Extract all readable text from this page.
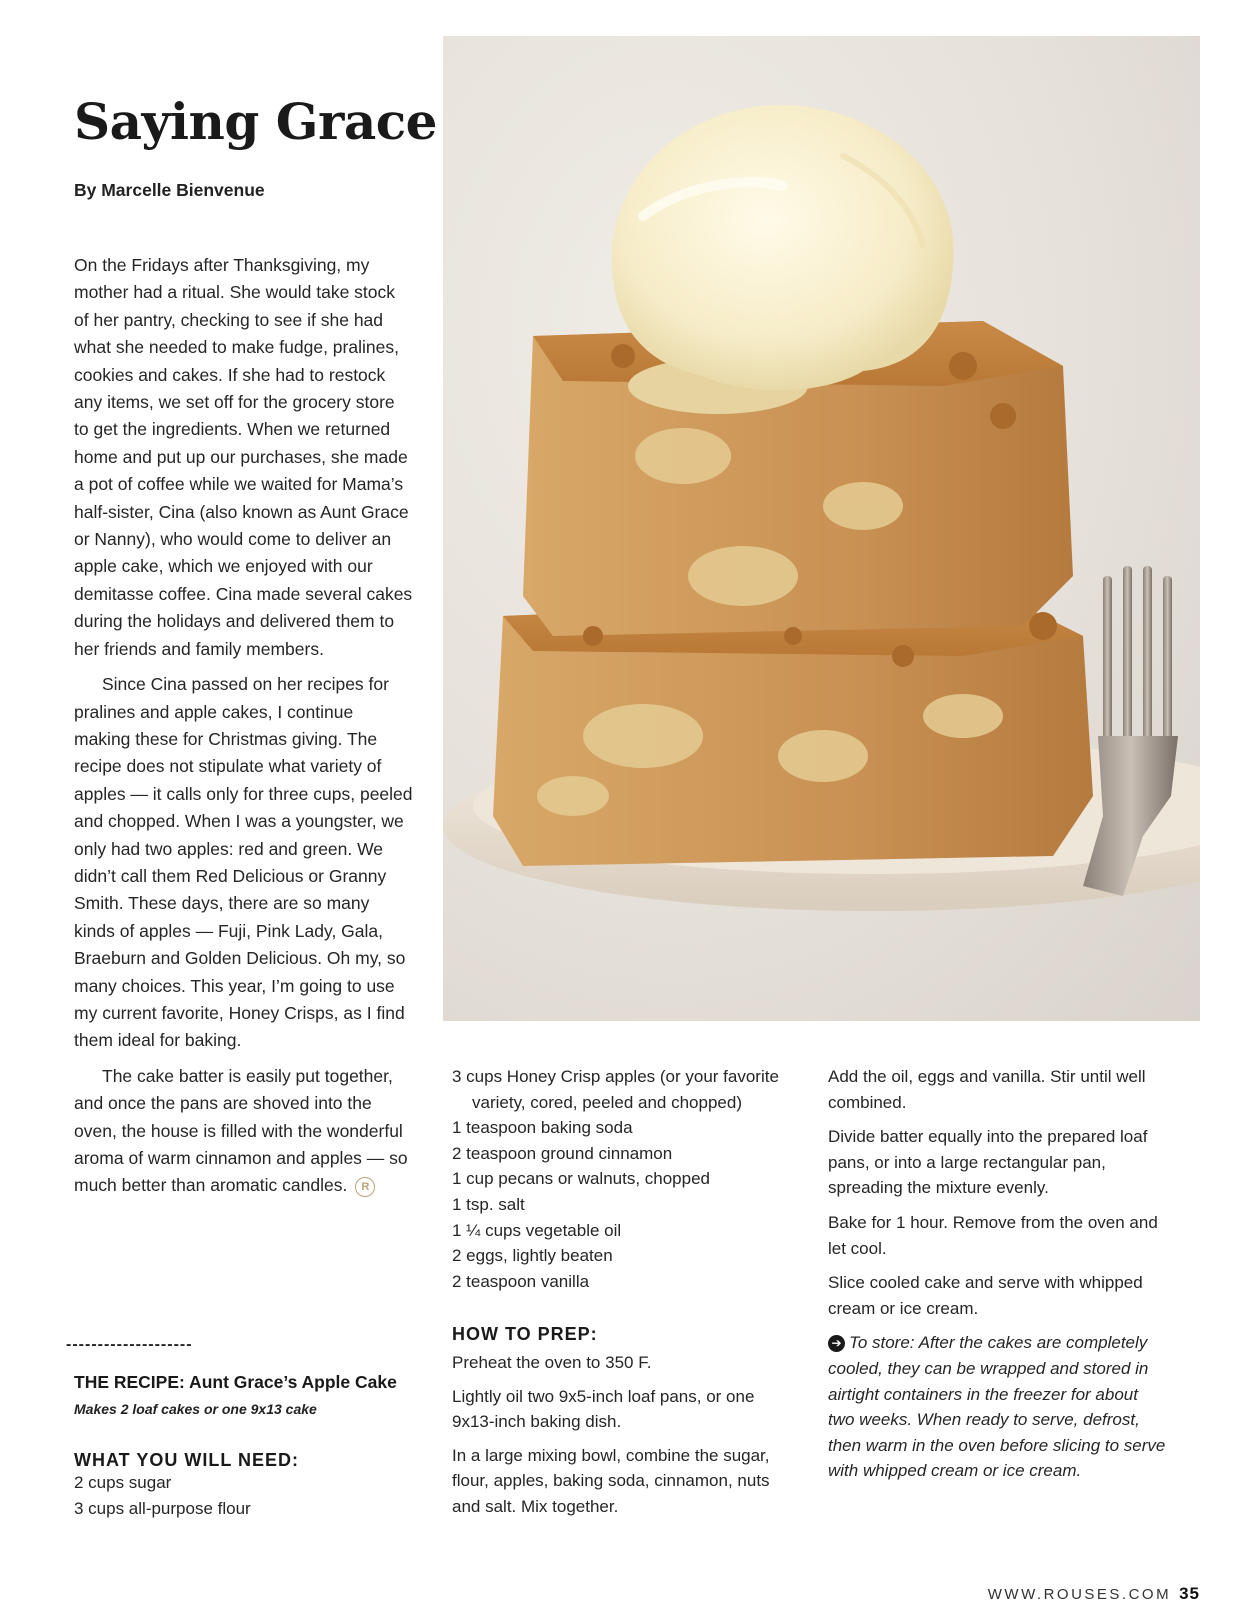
Saying Grace

By Marcelle Bienvenue

On the Fridays after Thanksgiving, my mother had a ritual. She would take stock of her pantry, checking to see if she had what she needed to make fudge, pralines, cookies and cakes. If she had to restock any items, we set off for the grocery store to get the ingredients. When we returned home and put up our purchases, she made a pot of coffee while we waited for Mama’s half-sister, Cina (also known as Aunt Grace or Nanny), who would come to deliver an apple cake, which we enjoyed with our demitasse coffee. Cina made several cakes during the holidays and delivered them to her friends and family members.

Since Cina passed on her recipes for pralines and apple cakes, I continue making these for Christmas giving. The recipe does not stipulate what variety of apples — it calls only for three cups, peeled and chopped. When I was a youngster, we only had two apples: red and green. We didn’t call them Red Delicious or Granny Smith. These days, there are so many kinds of apples — Fuji, Pink Lady, Gala, Braeburn and Golden Delicious. Oh my, so many choices. This year, I’m going to use my current favorite, Honey Crisps, as I find them ideal for baking.

The cake batter is easily put together, and once the pans are shoved into the oven, the house is filled with the wonderful aroma of warm cinnamon and apples — so much better than aromatic candles. R

3 cups Honey Crisp apples (or your favorite
variety, cored, peeled and chopped)
1 teaspoon baking soda
2 teaspoon ground cinnamon
1 cup pecans or walnuts, chopped
1 tsp. salt
1 ¼ cups vegetable oil
2 eggs, lightly beaten
2 teaspoon vanilla

HOW TO PREP:

Preheat the oven to 350 F.

Lightly oil two 9x5-inch loaf pans, or one 9x13-inch baking dish.

In a large mixing bowl, combine the sugar, flour, apples, baking soda, cinnamon, nuts and salt. Mix together.

Add the oil, eggs and vanilla. Stir until well combined.

Divide batter equally into the prepared loaf pans, or into a large rectangular pan, spreading the mixture evenly.

Bake for 1 hour. Remove from the oven and let cool.

Slice cooled cake and serve with whipped cream or ice cream.

➔ To store: After the cakes are completely cooled, they can be wrapped and stored in airtight containers in the freezer for about two weeks. When ready to serve, defrost, then warm in the oven before slicing to serve with whipped cream or ice cream.

--------------------

THE RECIPE: Aunt Grace’s Apple Cake

Makes 2 loaf cakes or one 9x13 cake

WHAT YOU WILL NEED:

2 cups sugar
3 cups all-purpose flour

WWW.ROUSES.COM 35
